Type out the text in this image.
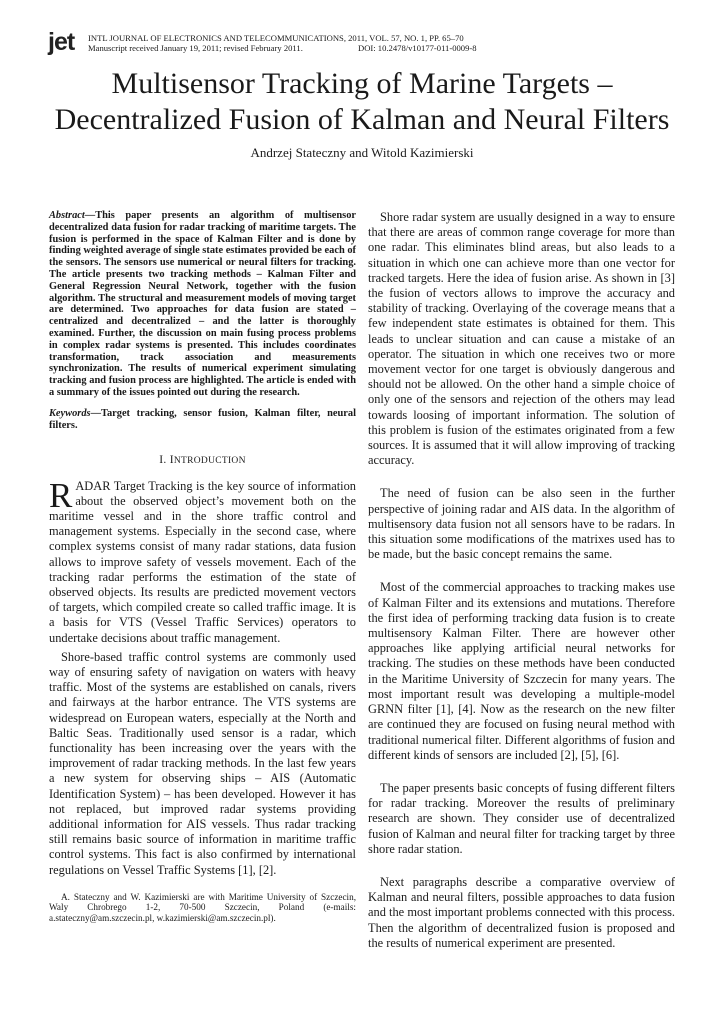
jet INTL JOURNAL OF ELECTRONICS AND TELECOMMUNICATIONS, 2011, VOL. 57, NO. 1, PP. 65–70
Manuscript received January 19, 2011; revised February 2011.	DOI: 10.2478/v10177-011-0009-8
Multisensor Tracking of Marine Targets –
Decentralized Fusion of Kalman and Neural Filters
Andrzej Stateczny and Witold Kazimierski

Abstract—This paper presents an algorithm of multisensor decentralized data fusion for radar tracking of maritime targets. The fusion is performed in the space of Kalman Filter and is done by finding weighted average of single state estimates provided be each of the sensors. The sensors use numerical or neural filters for tracking. The article presents two tracking methods – Kalman Filter and General Regression Neural Network, together with the fusion algorithm. The structural and measurement models of moving target are determined. Two approaches for data fusion are stated – centralized and decentralized – and the latter is thoroughly examined. Further, the discussion on main fusing process problems in complex radar systems is presented. This includes coordinates transformation, track association and measurements synchronization. The results of numerical experiment simulating tracking and fusion process are highlighted. The article is ended with a summary of the issues pointed out during the research.

Keywords—Target tracking, sensor fusion, Kalman filter, neural filters.

I. INTRODUCTION

RADAR Target Tracking is the key source of information about the observed object’s movement both on the maritime vessel and in the shore traffic control and management systems. Especially in the second case, where complex systems consist of many radar stations, data fusion allows to improve safety of vessels movement. Each of the tracking radar performs the estimation of the state of observed objects. Its results are predicted movement vectors of targets, which compiled create so called traffic image. It is a basis for VTS (Vessel Traffic Services) operators to undertake decisions about traffic management.

Shore-based traffic control systems are commonly used way of ensuring safety of navigation on waters with heavy traffic. Most of the systems are established on canals, rivers and fairways at the harbor entrance. The VTS systems are widespread on European waters, especially at the North and Baltic Seas. Traditionally used sensor is a radar, which functionality has been increasing over the years with the improvement of radar tracking methods. In the last few years a new system for observing ships – AIS (Automatic Identification System) – has been developed. However it has not replaced, but improved radar systems providing additional information for AIS vessels. Thus radar tracking still remains basic source of information in maritime traffic control systems. This fact is also confirmed by international regulations on Vessel Traffic Systems [1], [2].

A. Stateczny and W. Kazimierski are with Maritime University of Szczecin, Waly Chrobrego 1-2, 70-500 Szczecin, Poland (e-mails: a.stateczny@am.szczecin.pl, w.kazimierski@am.szczecin.pl).

Shore radar system are usually designed in a way to ensure that there are areas of common range coverage for more than one radar. This eliminates blind areas, but also leads to a situation in which one can achieve more than one vector for tracked targets. Here the idea of fusion arise. As shown in [3] the fusion of vectors allows to improve the accuracy and stability of tracking. Overlaying of the coverage means that a few independent state estimates is obtained for them. This leads to unclear situation and can cause a mistake of an operator. The situation in which one receives two or more movement vector for one target is obviously dangerous and should not be allowed. On the other hand a simple choice of only one of the sensors and rejection of the others may lead towards loosing of important information. The solution of this problem is fusion of the estimates originated from a few sources. It is assumed that it will allow improving of tracking accuracy.

The need of fusion can be also seen in the further perspective of joining radar and AIS data. In the algorithm of multisensory data fusion not all sensors have to be radars. In this situation some modifications of the matrixes used has to be made, but the basic concept remains the same.

Most of the commercial approaches to tracking makes use of Kalman Filter and its extensions and mutations. Therefore the first idea of performing tracking data fusion is to create multisensory Kalman Filter. There are however other approaches like applying artificial neural networks for tracking. The studies on these methods have been conducted in the Maritime University of Szczecin for many years. The most important result was developing a multiple-model GRNN filter [1], [4]. Now as the research on the new filter are continued they are focused on fusing neural method with traditional numerical filter. Different algorithms of fusion and different kinds of sensors are included [2], [5], [6].

The paper presents basic concepts of fusing different filters for radar tracking. Moreover the results of preliminary research are shown. They consider use of decentralized fusion of Kalman and neural filter for tracking target by three shore radar station.

Next paragraphs describe a comparative overview of Kalman and neural filters, possible approaches to data fusion and the most important problems connected with this process. Then the algorithm of decentralized fusion is proposed and the results of numerical experiment are presented.
